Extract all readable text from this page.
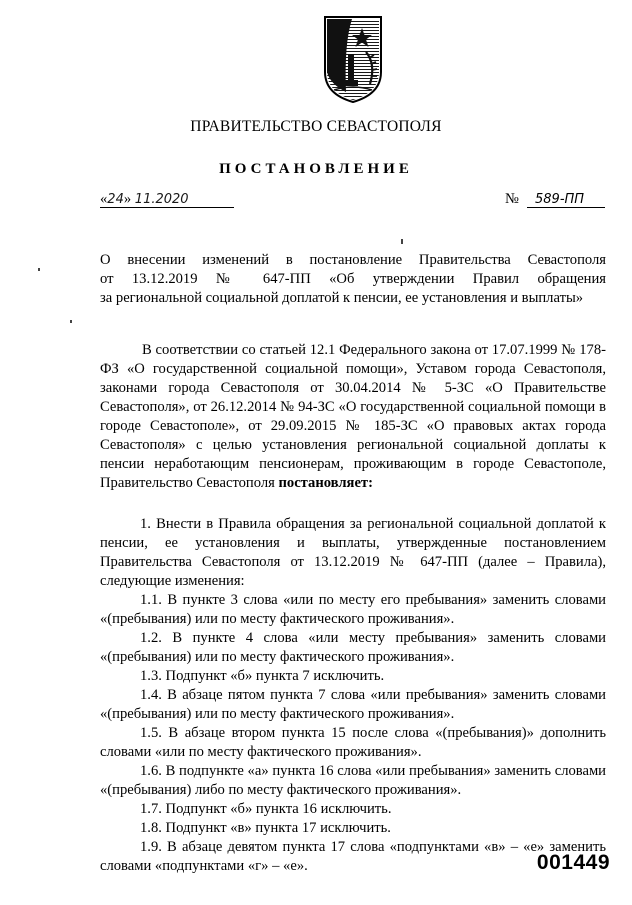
ПРАВИТЕЛЬСТВО СЕВАСТОПОЛЯ
ПОСТАНОВЛЕНИЕ
«24» 11.2020	№ 589-ПП

О внесении изменений в постановление Правительства Севастополя

от 13.12.2019 № 647-ПП «Об утверждении Правил обращения

за региональной социальной доплатой к пенсии, ее установления и выплаты»

В соответствии со статьей 12.1 Федерального закона от 17.07.1999 № 178-ФЗ «О государственной социальной помощи», Уставом города Севастополя, законами города Севастополя от 30.04.2014 № 5-ЗС «О Правительстве Севастополя», от 26.12.2014 № 94-ЗС «О государственной социальной помощи в городе Севастополе», от 29.09.2015 № 185-ЗС «О правовых актах города Севастополя» с целью установления региональной социальной доплаты к пенсии неработающим пенсионерам, проживающим в городе Севастополе, Правительство Севастополя постановляет:

1. Внести в Правила обращения за региональной социальной доплатой к пенсии, ее установления и выплаты, утвержденные постановлением Правительства Севастополя от 13.12.2019 № 647-ПП (далее – Правила), следующие изменения:

1.1. В пункте 3 слова «или по месту его пребывания» заменить словами «(пребывания) или по месту фактического проживания».

1.2. В пункте 4 слова «или месту пребывания» заменить словами «(пребывания) или по месту фактического проживания».

1.3. Подпункт «б» пункта 7 исключить.

1.4. В абзаце пятом пункта 7 слова «или пребывания» заменить словами «(пребывания) или по месту фактического проживания».

1.5. В абзаце втором пункта 15 после слова «(пребывания)» дополнить словами «или по месту фактического проживания».

1.6. В подпункте «а» пункта 16 слова «или пребывания» заменить словами «(пребывания) либо по месту фактического проживания».

1.7. Подпункт «б» пункта 16 исключить.

1.8. Подпункт «в» пункта 17 исключить.

1.9. В абзаце девятом пункта 17 слова «подпунктами «в» – «е» заменить словами «подпунктами «г» – «е».	001449
